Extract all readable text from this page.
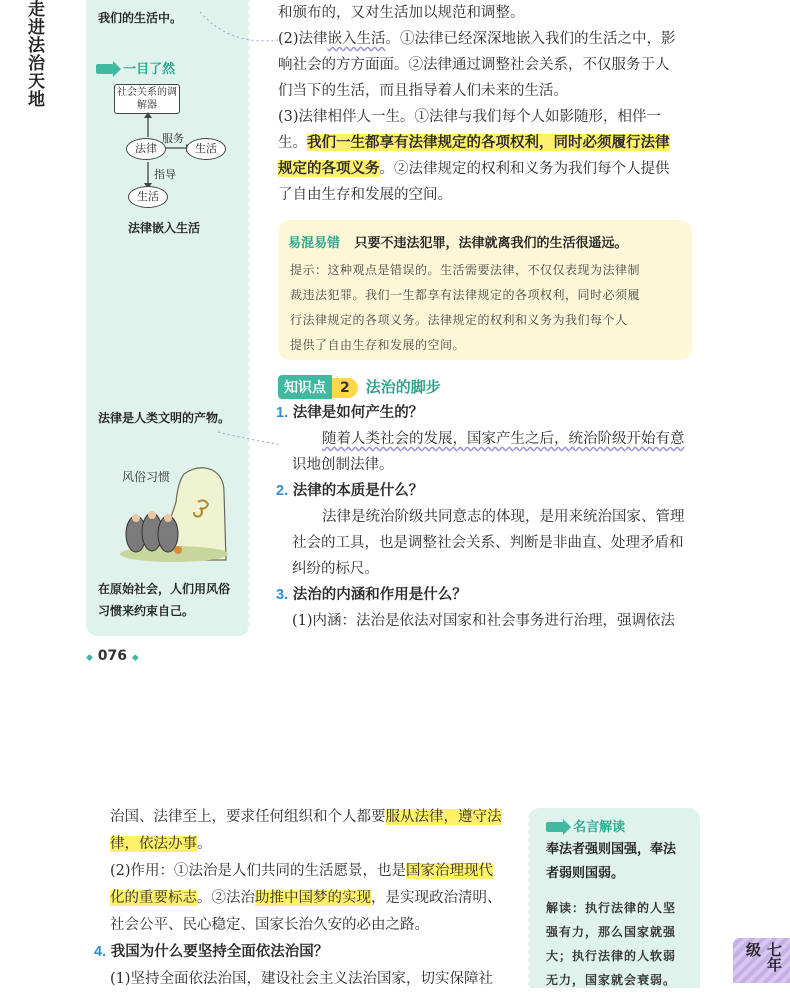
走进法治天地	我们的生活中。
一目了然
社会关系的调解器
法律	生活
生活
服务
指导
法律嵌入生活
法律是人类文明的产物。
风俗习惯
在原始社会，人们用风俗习惯来约束自己。
和颁布的，又对生活加以规范和调整。
(2)法律嵌入生活。①法律已经深深地嵌入我们的生活之中，影
响社会的方方面面。②法律通过调整社会关系，不仅服务于人
们当下的生活，而且指导着人们未来的生活。
(3)法律相伴人一生。①法律与我们每个人如影随形，相伴一
生。我们一生都享有法律规定的各项权利，同时必须履行法律
规定的各项义务。②法律规定的权利和义务为我们每个人提供
了自由生存和发展的空间。
易混易错 只要不违法犯罪，法律就离我们的生活很遥远。
提示：这种观点是错误的。生活需要法律，不仅仅表现为法律制
裁违法犯罪。我们一生都享有法律规定的各项权利，同时必须履
行法律规定的各项义务。法律规定的权利和义务为我们每个人
提供了自由生存和发展的空间。
知识点 2 法治的脚步
1. 法律是如何产生的？
随着人类社会的发展，国家产生之后，统治阶级开始有意
识地创制法律。
2. 法律的本质是什么？
法律是统治阶级共同意志的体现，是用来统治国家、管理
社会的工具，也是调整社会关系、判断是非曲直、处理矛盾和
纠纷的标尺。
3. 法治的内涵和作用是什么？
(1)内涵：法治是依法对国家和社会事务进行治理，强调依法
◆ 076 ◆
治国、法律至上，要求任何组织和个人都要服从法律，遵守法
律，依法办事。
(2)作用：①法治是人们共同的生活愿景，也是国家治理现代
化的重要标志。②法治助推中国梦的实现，是实现政治清明、
社会公平、民心稳定、国家长治久安的必由之路。
4. 我国为什么要坚持全面依法治国？
(1)坚持全面依法治国，建设社会主义法治国家，切实保障社
名言解读
奉法者强则国强，奉法
者弱则国弱。
解读：执行法律的人坚
强有力，那么国家就强
大；执行法律的人软弱
无力，国家就会衰弱。
七年级
